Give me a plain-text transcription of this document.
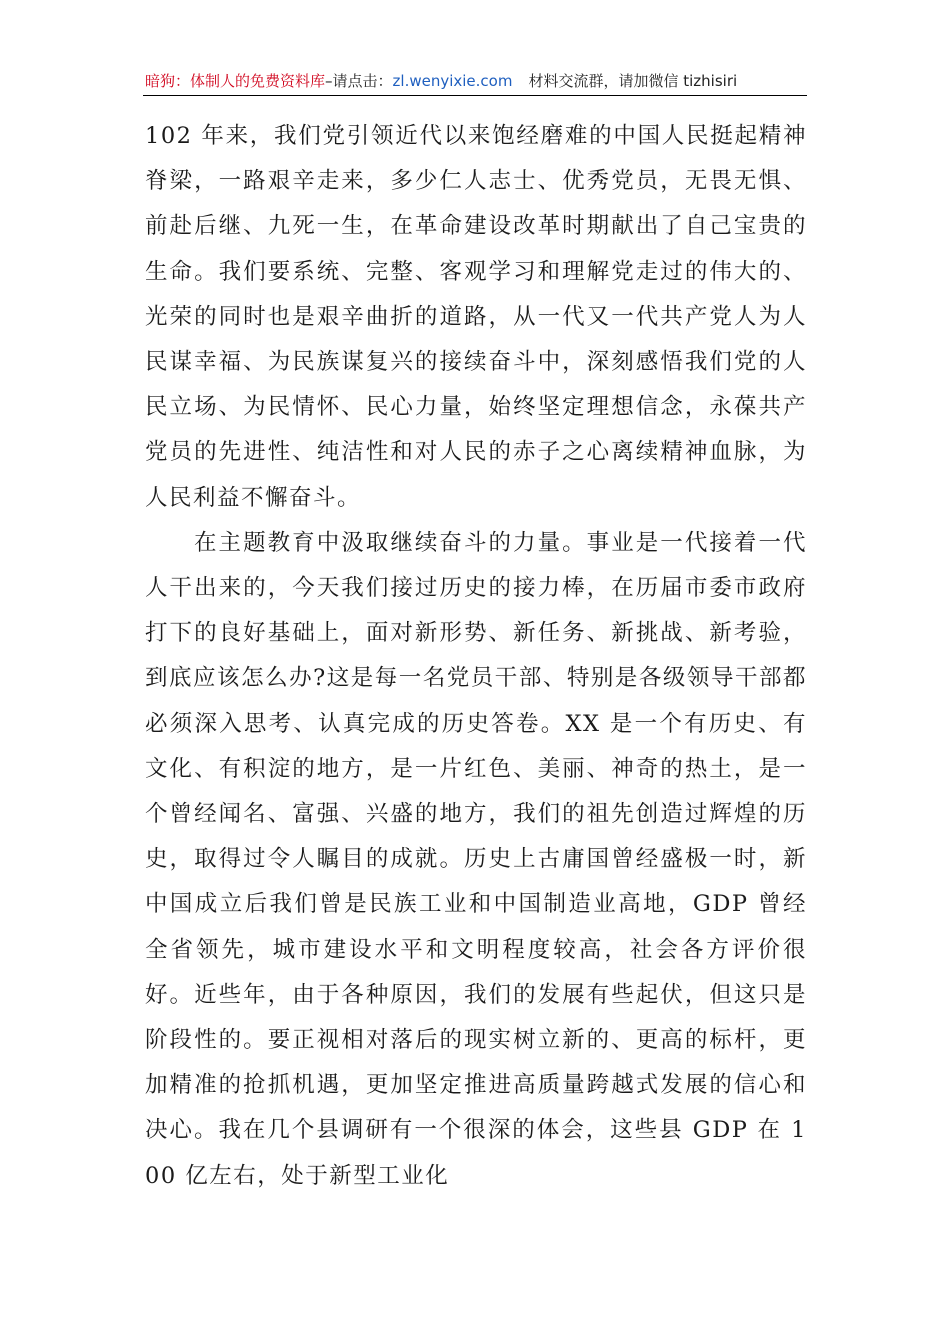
暗狗：体制人的免费资料库–请点击：zl.wenyixie.com 材料交流群，请加微信 tizhisiri

102 年来，我们党引领近代以来饱经磨难的中国人民挺起精神脊梁，一路艰辛走来，多少仁人志士、优秀党员，无畏无惧、前赴后继、九死一生，在革命建设改革时期献出了自己宝贵的生命。我们要系统、完整、客观学习和理解党走过的伟大的、光荣的同时也是艰辛曲折的道路，从一代又一代共产党人为人民谋幸福、为民族谋复兴的接续奋斗中，深刻感悟我们党的人民立场、为民情怀、民心力量，始终坚定理想信念，永葆共产党员的先进性、纯洁性和对人民的赤子之心离续精神血脉，为人民利益不懈奋斗。

在主题教育中汲取继续奋斗的力量。事业是一代接着一代人干出来的，今天我们接过历史的接力棒，在历届市委市政府打下的良好基础上，面对新形势、新任务、新挑战、新考验，到底应该怎么办?这是每一名党员干部、特别是各级领导干部都必须深入思考、认真完成的历史答卷。XX 是一个有历史、有文化、有积淀的地方，是一片红色、美丽、神奇的热土，是一个曾经闻名、富强、兴盛的地方，我们的祖先创造过辉煌的历史，取得过令人瞩目的成就。历史上古庸国曾经盛极一时，新中国成立后我们曾是民族工业和中国制造业高地，GDP 曾经全省领先，城市建设水平和文明程度较高，社会各方评价很好。近些年，由于各种原因，我们的发展有些起伏，但这只是阶段性的。要正视相对落后的现实树立新的、更高的标杆，更加精准的抢抓机遇，更加坚定推进高质量跨越式发展的信心和决心。我在几个县调研有一个很深的体会，这些县 GDP 在 100 亿左右，处于新型工业化
